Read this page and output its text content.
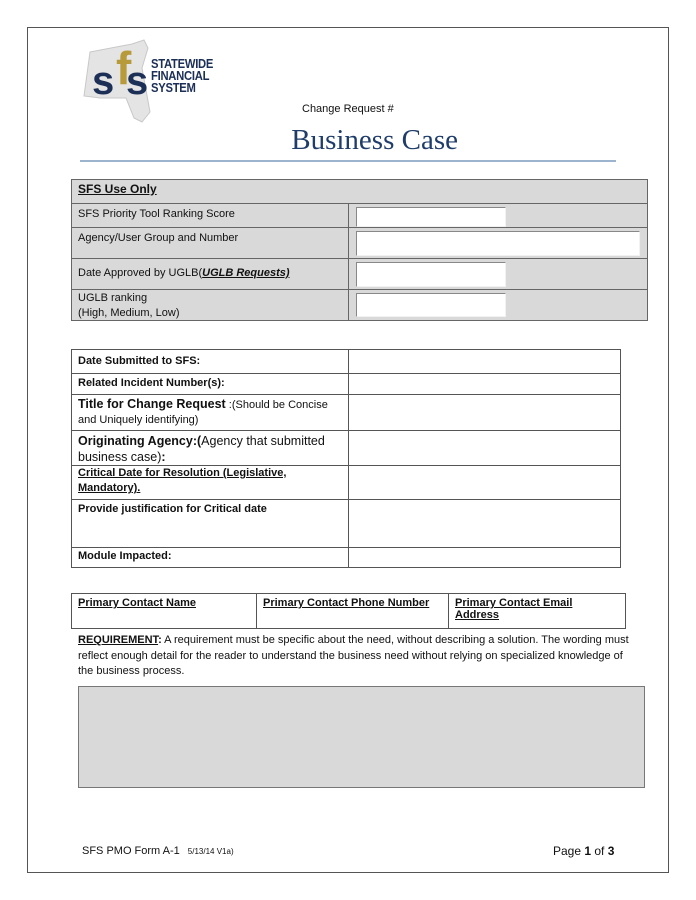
s f
s STATEWIDE
FINANCIAL
SYSTEM
Change Request #
Business Case
SFS Use Only
SFS Priority Tool Ranking Score
Agency/User Group and Number
Date Approved by UGLB(UGLB Requests)
UGLB ranking
(High, Medium, Low)
Date Submitted to SFS:
Related Incident Number(s):
Title for Change Request :(Should be Concise and Uniquely identifying)
Originating Agency:(Agency that submitted business case):
Critical Date for Resolution (Legislative, Mandatory).
Provide justification for Critical date
Module Impacted:
Primary Contact Name	Primary Contact Phone Number	Primary Contact Email Address
REQUIREMENT: A requirement must be specific about the need, without describing a solution. The wording must reflect enough detail for the reader to understand the business need without relying on specialized knowledge of the business process.
SFS PMO Form A-1 5/13/14 V1a)	Page 1 of 3
